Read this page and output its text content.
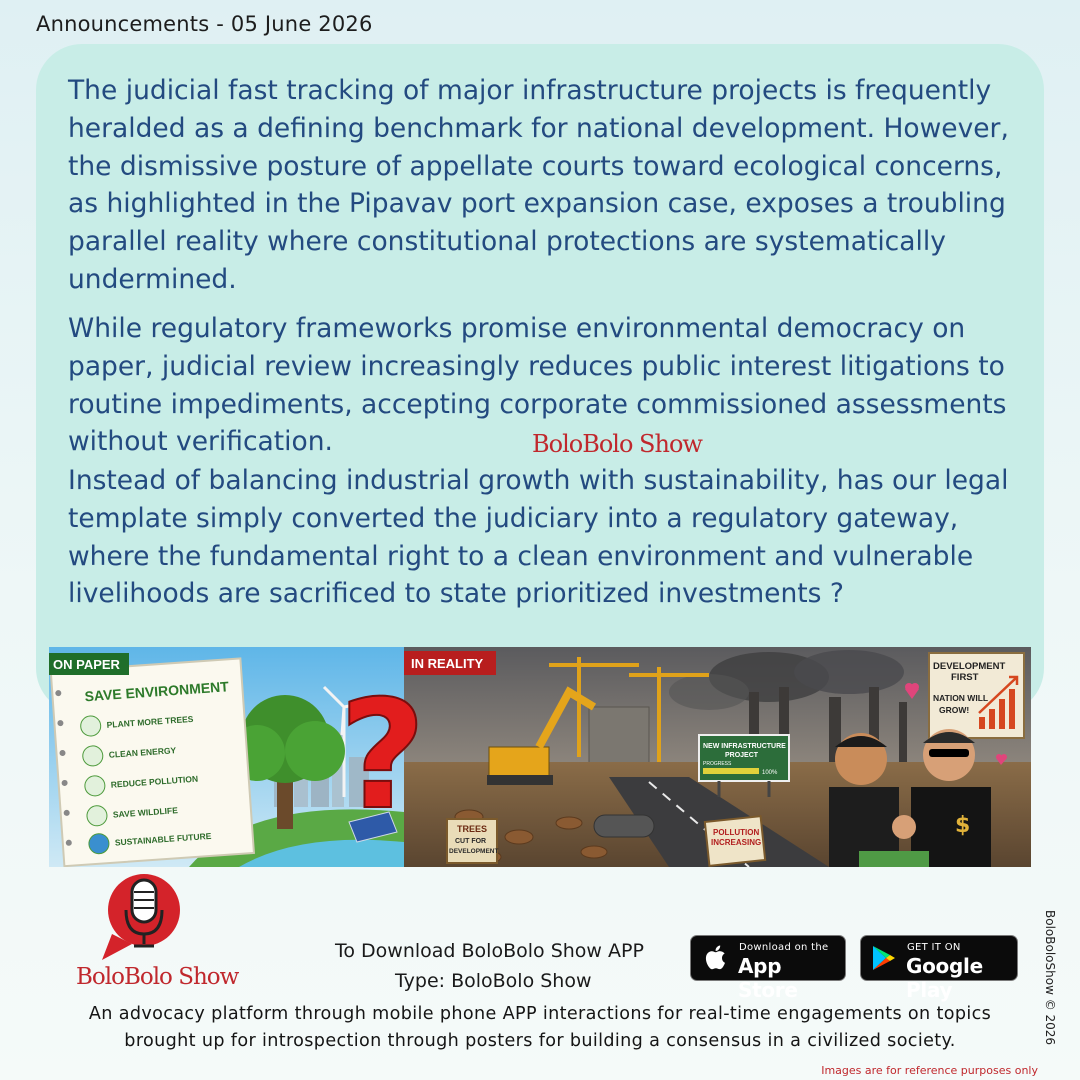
Announcements - 05 June 2026

The judicial fast tracking of major infrastructure projects is frequently heralded as a defining benchmark for national development. However, the dismissive posture of appellate courts toward ecological concerns, as highlighted in the Pipavav port expansion case, exposes a troubling parallel reality where constitutional protections are systematically undermined.

While regulatory frameworks promise environmental democracy on paper, judicial review increasingly reduces public interest litigations to routine impediments, accepting corporate commissioned assessments without verification.

Instead of balancing industrial growth with sustainability, has our legal template simply converted the judiciary into a regulatory gateway, where the fundamental right to a clean environment and vulnerable livelihoods are sacrificed to state prioritized investments ?

BoloBolo Show
SAVE ENVIRONMENT
PLANT MORE TREES
CLEAN ENERGY
REDUCE POLLUTION
SAVE WILDLIFE
SUSTAINABLE FUTURE
ON PAPER	IN REALITY
?	NEW INFRASTRUCTURE
PROJECT
PROGRESS
100%
TREES
CUT FOR
DEVELOPMENT
POLLUTION
INCREASING
DEVELOPMENT
FIRST
NATION WILL
GROW!
$
BoloBolo Show
To Download BoloBolo Show APP
Type: BoloBolo Show
Download on the
App Store
GET IT ON
Google Play
An advocacy platform through mobile phone APP interactions for real-time engagements on topics
brought up for introspection through posters for building a consensus in a civilized society.
Images are for reference purposes only
BoloBoloShow © 2026
